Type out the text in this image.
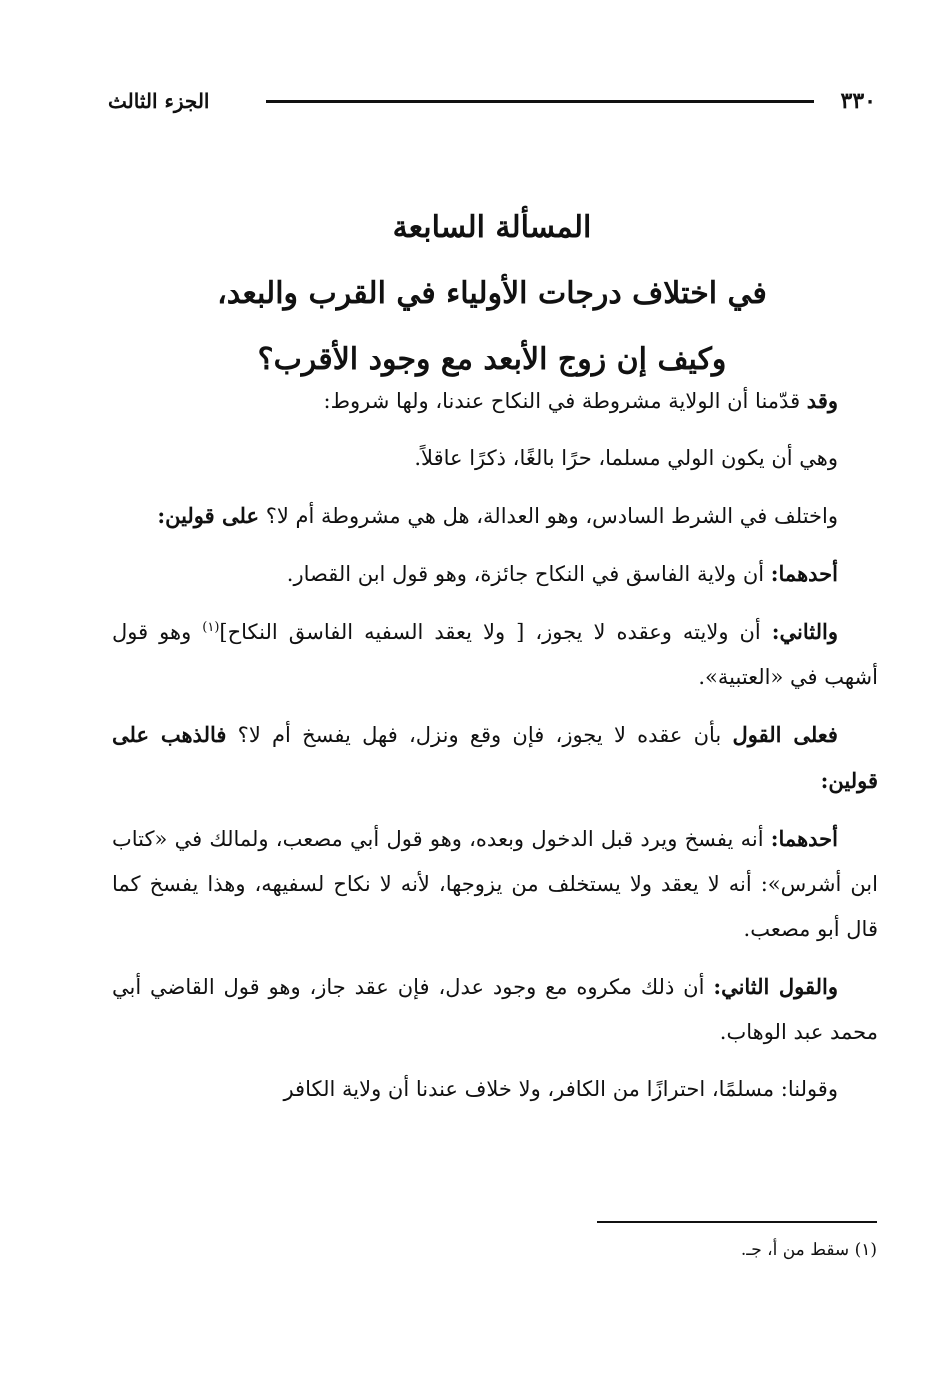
٣٣٠
الجزء الثالث
المسألة السابعة
في اختلاف درجات الأولياء في القرب والبعد،
وكيف إن زوج الأبعد مع وجود الأقرب؟
وقد قدّمنا أن الولاية مشروطة في النكاح عندنا، ولها شروط:
وهي أن يكون الولي مسلما، حرًا بالغًا، ذكرًا عاقلاً.
واختلف في الشرط السادس، وهو العدالة، هل هي مشروطة أم لا؟ على قولين:
أحدهما: أن ولاية الفاسق في النكاح جائزة، وهو قول ابن القصار.
والثاني: أن ولايته وعقده لا يجوز، [ ولا يعقد السفيه الفاسق النكاح]$^{(١)}$ وهو قول أشهب في «العتبية».
فعلى القول بأن عقده لا يجوز، فإن وقع ونزل، فهل يفسخ أم لا؟ فالذهب على قولين:
أحدهما: أنه يفسخ ويرد قبل الدخول وبعده، وهو قول أبي مصعب، ولمالك في «كتاب ابن أشرس»: أنه لا يعقد ولا يستخلف من يزوجها، لأنه لا نكاح لسفيهه، وهذا يفسخ كما قال أبو مصعب.
والقول الثاني: أن ذلك مكروه مع وجود عدل، فإن عقد جاز، وهو قول القاضي أبي محمد عبد الوهاب.
وقولنا: مسلمًا، احترازًا من الكافر، ولا خلاف عندنا أن ولاية الكافر
(١) سقط من أ، جـ.
